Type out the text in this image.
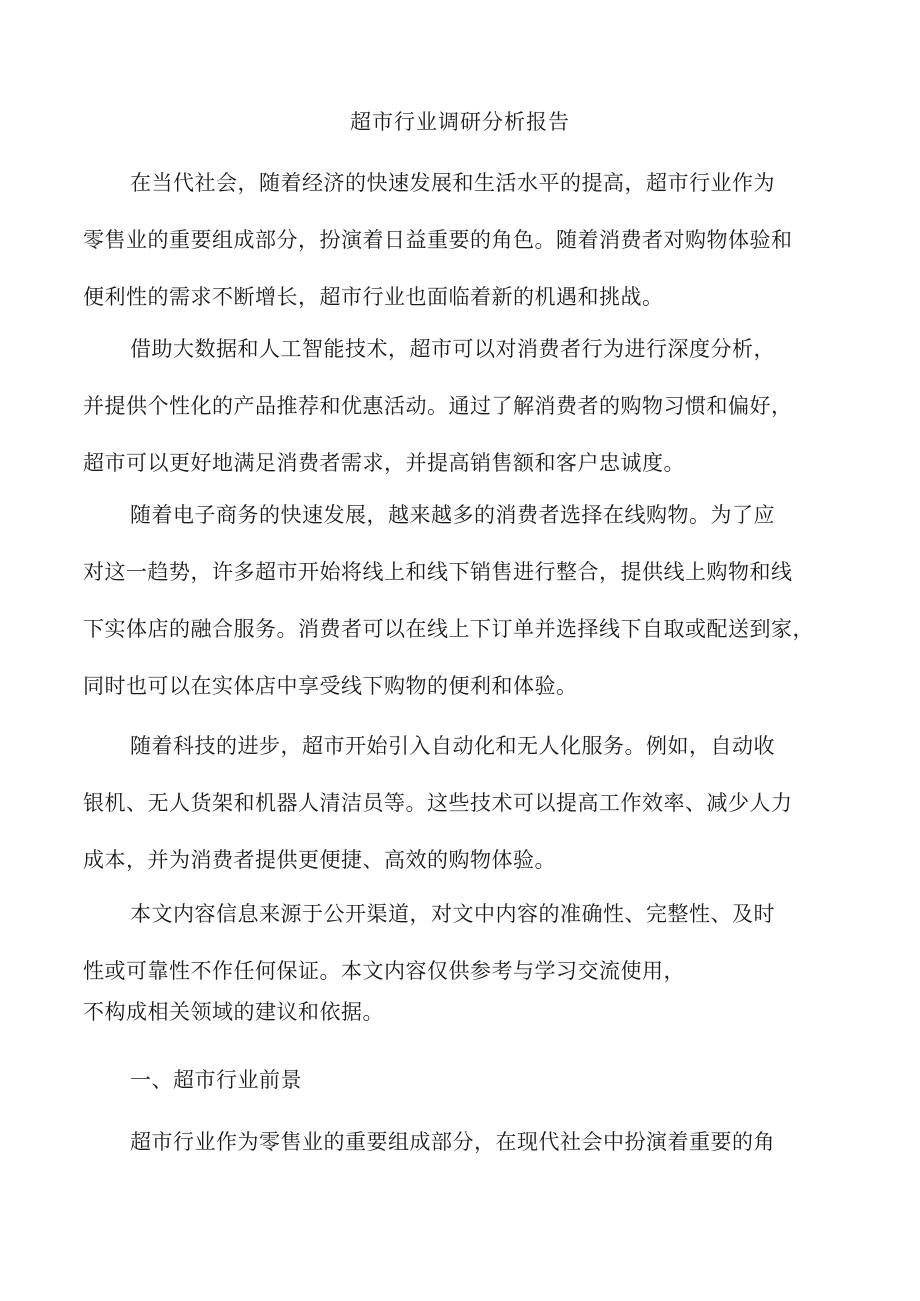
超市行业调研分析报告
在当代社会，随着经济的快速发展和生活水平的提高，超市行业作为
零售业的重要组成部分，扮演着日益重要的角色。随着消费者对购物体验和
便利性的需求不断增长，超市行业也面临着新的机遇和挑战。
借助大数据和人工智能技术，超市可以对消费者行为进行深度分析，
并提供个性化的产品推荐和优惠活动。通过了解消费者的购物习惯和偏好，
超市可以更好地满足消费者需求，并提高销售额和客户忠诚度。
随着电子商务的快速发展，越来越多的消费者选择在线购物。为了应
对这一趋势，许多超市开始将线上和线下销售进行整合，提供线上购物和线
下实体店的融合服务。消费者可以在线上下订单并选择线下自取或配送到家，
同时也可以在实体店中享受线下购物的便利和体验。
随着科技的进步，超市开始引入自动化和无人化服务。例如，自动收
银机、无人货架和机器人清洁员等。这些技术可以提高工作效率、减少人力
成本，并为消费者提供更便捷、高效的购物体验。
本文内容信息来源于公开渠道，对文中内容的准确性、完整性、及时
性或可靠性不作任何保证。本文内容仅供参考与学习交流使用，
不构成相关领域的建议和依据。
一、超市行业前景
超市行业作为零售业的重要组成部分，在现代社会中扮演着重要的角
